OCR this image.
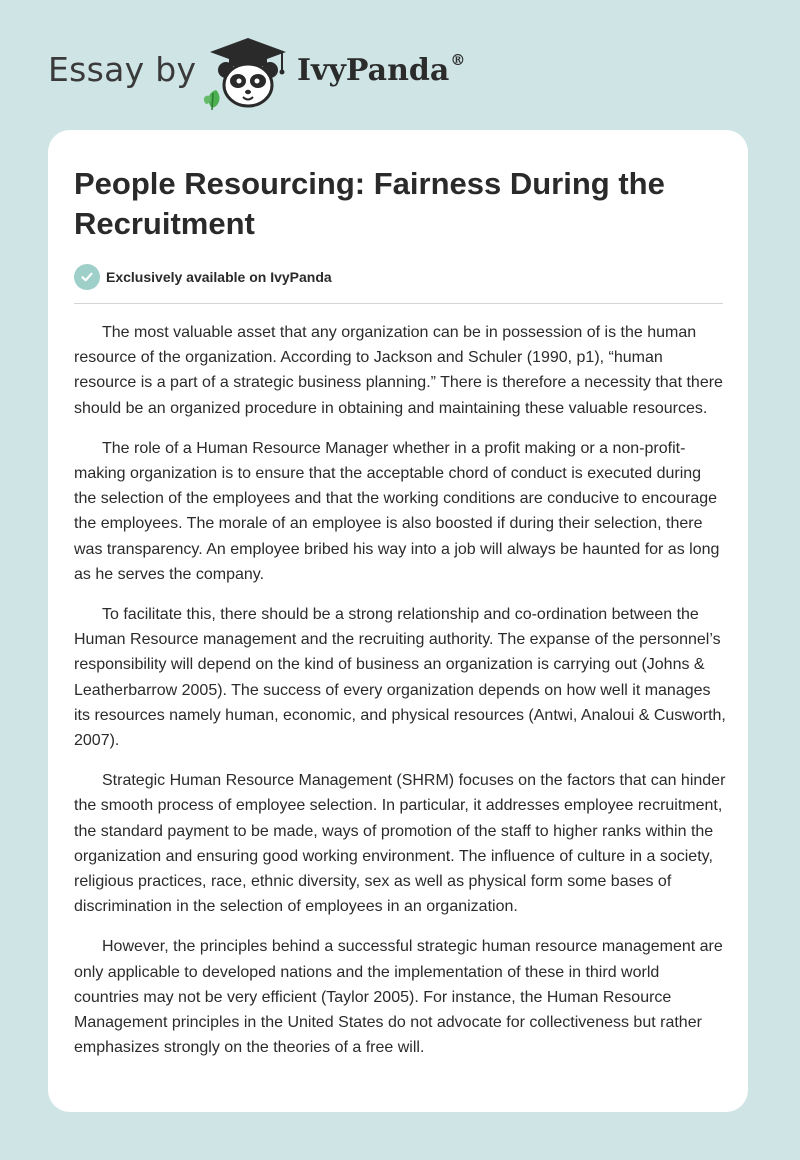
Essay by	IvyPanda®
People Resourcing: Fairness During the Recruitment
Exclusively available on IvyPanda

The most valuable asset that any organization can be in possession of is the human resource of the organization. According to Jackson and Schuler (1990, p1), “human resource is a part of a strategic business planning.” There is therefore a necessity that there should be an organized procedure in obtaining and maintaining these valuable resources.

The role of a Human Resource Manager whether in a profit making or a non-profit-making organization is to ensure that the acceptable chord of conduct is executed during the selection of the employees and that the working conditions are conducive to encourage the employees. The morale of an employee is also boosted if during their selection, there was transparency. An employee bribed his way into a job will always be haunted for as long as he serves the company.

To facilitate this, there should be a strong relationship and co-ordination between the Human Resource management and the recruiting authority. The expanse of the personnel’s responsibility will depend on the kind of business an organization is carrying out (Johns & Leatherbarrow 2005). The success of every organization depends on how well it manages its resources namely human, economic, and physical resources (Antwi, Analoui & Cusworth, 2007).

Strategic Human Resource Management (SHRM) focuses on the factors that can hinder the smooth process of employee selection. In particular, it addresses employee recruitment, the standard payment to be made, ways of promotion of the staff to higher ranks within the organization and ensuring good working environment. The influence of culture in a society, religious practices, race, ethnic diversity, sex as well as physical form some bases of discrimination in the selection of employees in an organization.

However, the principles behind a successful strategic human resource management are only applicable to developed nations and the implementation of these in third world countries may not be very efficient (Taylor 2005). For instance, the Human Resource Management principles in the United States do not advocate for collectiveness but rather emphasizes strongly on the theories of a free will.
